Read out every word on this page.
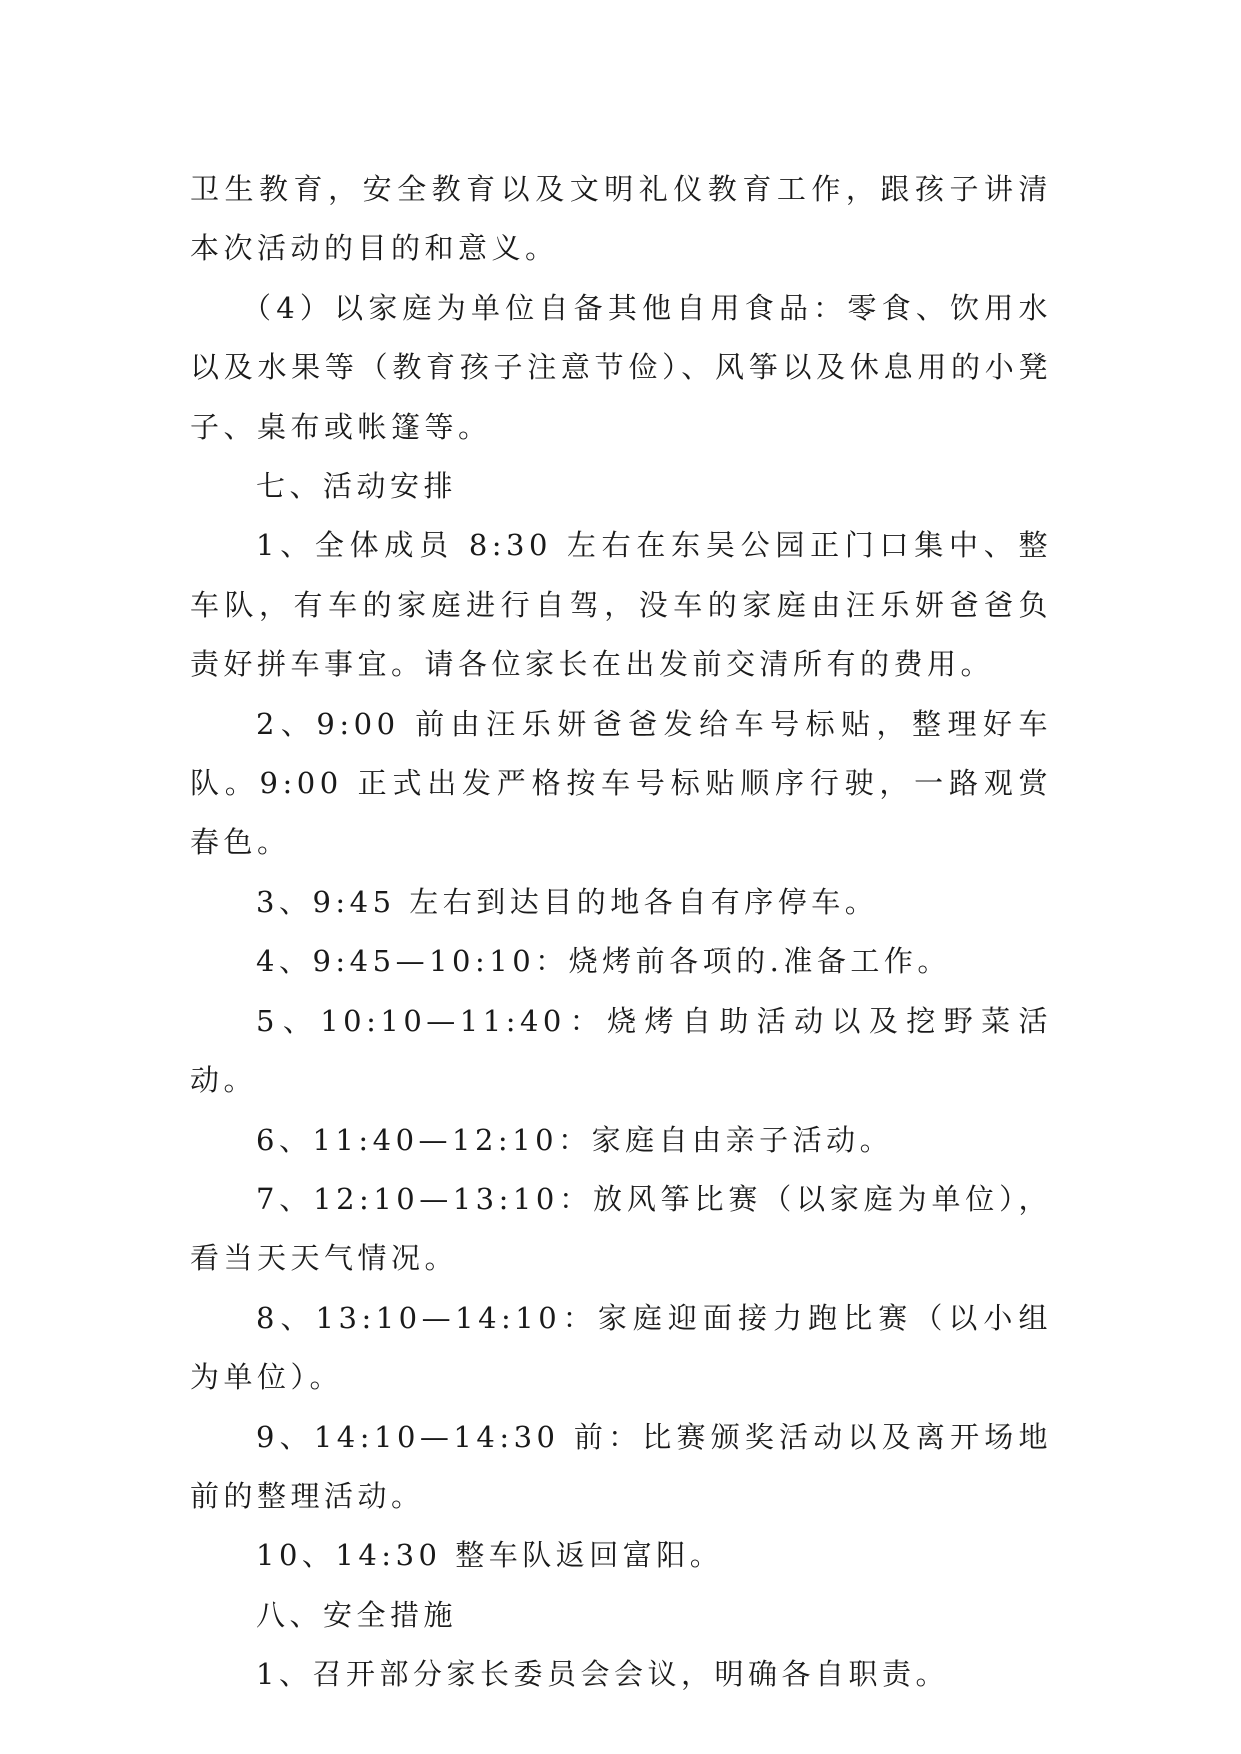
卫生教育，安全教育以及文明礼仪教育工作，跟孩子讲清本次活动的目的和意义。

（4）以家庭为单位自备其他自用食品：零食、饮用水以及水果等（教育孩子注意节俭）、风筝以及休息用的小凳子、桌布或帐篷等。

七、活动安排

1、全体成员 8:30 左右在东吴公园正门口集中、整车队，有车的家庭进行自驾，没车的家庭由汪乐妍爸爸负责好拼车事宜。请各位家长在出发前交清所有的费用。

2、9:00 前由汪乐妍爸爸发给车号标贴，整理好车队。9:00 正式出发严格按车号标贴顺序行驶，一路观赏春色。

3、9:45 左右到达目的地各自有序停车。

4、9:45—10:10：烧烤前各项的.准备工作。

5、10:10—11:40：烧烤自助活动以及挖野菜活动。

6、11:40—12:10：家庭自由亲子活动。

7、12:10—13:10：放风筝比赛（以家庭为单位），看当天天气情况。

8、13:10—14:10：家庭迎面接力跑比赛（以小组为单位）。

9、14:10—14:30 前：比赛颁奖活动以及离开场地前的整理活动。

10、14:30 整车队返回富阳。

八、安全措施

1、召开部分家长委员会会议，明确各自职责。
